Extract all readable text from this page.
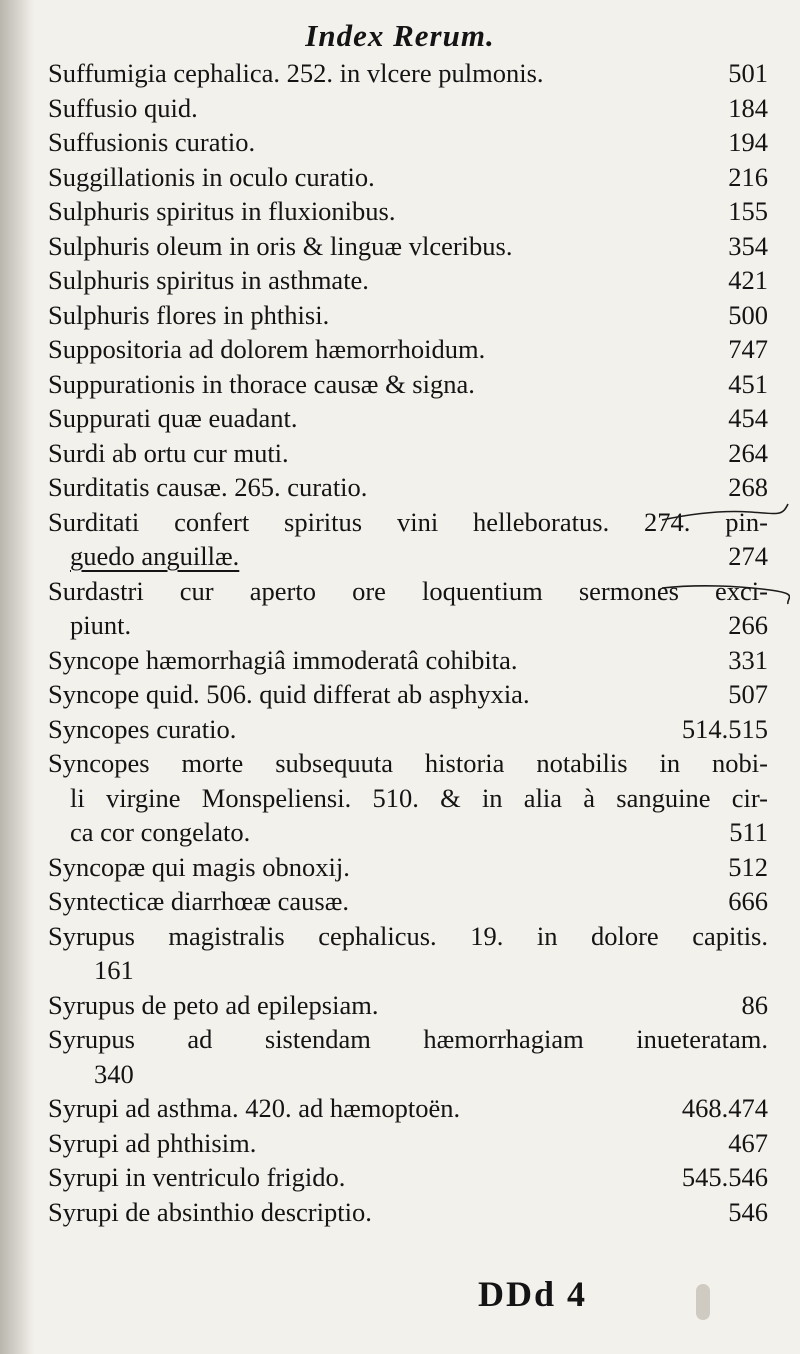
Index Rerum.
Suffumigia cephalica. 252. in vlcere pulmonis.	501
Suffusio quid.	184
Suffusionis curatio.	194
Suggillationis in oculo curatio.	216
Sulphuris spiritus in fluxionibus.	155
Sulphuris oleum in oris & linguæ vlceribus.	354
Sulphuris spiritus in asthmate.	421
Sulphuris flores in phthisi.	500
Suppositoria ad dolorem hæmorrhoidum.	747
Suppurationis in thorace causæ & signa.	451
Suppurati quæ euadant.	454
Surdi ab ortu cur muti.	264
Surditatis causæ. 265. curatio.	268
Surditati confert spiritus vini helleboratus. 274. pin-
guedo anguillæ.	274
Surdastri cur aperto ore loquentium sermones exci-
piunt.	266
Syncope hæmorrhagiâ immoderatâ cohibita.	331
Syncope quid. 506. quid differat ab asphyxia.	507
Syncopes curatio.	514.515
Syncopes morte subsequuta historia notabilis in nobi-
li virgine Monspeliensi. 510. & in alia à sanguine cir-
ca cor congelato.	511
Syncopæ qui magis obnoxij.	512
Syntecticæ diarrhœæ causæ.	666
Syrupus magistralis cephalicus. 19. in dolore capitis.
161
Syrupus de peto ad epilepsiam.	86
Syrupus ad sistendam hæmorrhagiam inueteratam.
340
Syrupi ad asthma. 420. ad hæmoptoën.	468.474
Syrupi ad phthisim.	467
Syrupi in ventriculo frigido.	545.546
Syrupi de absinthio descriptio.	546
DDd 4
